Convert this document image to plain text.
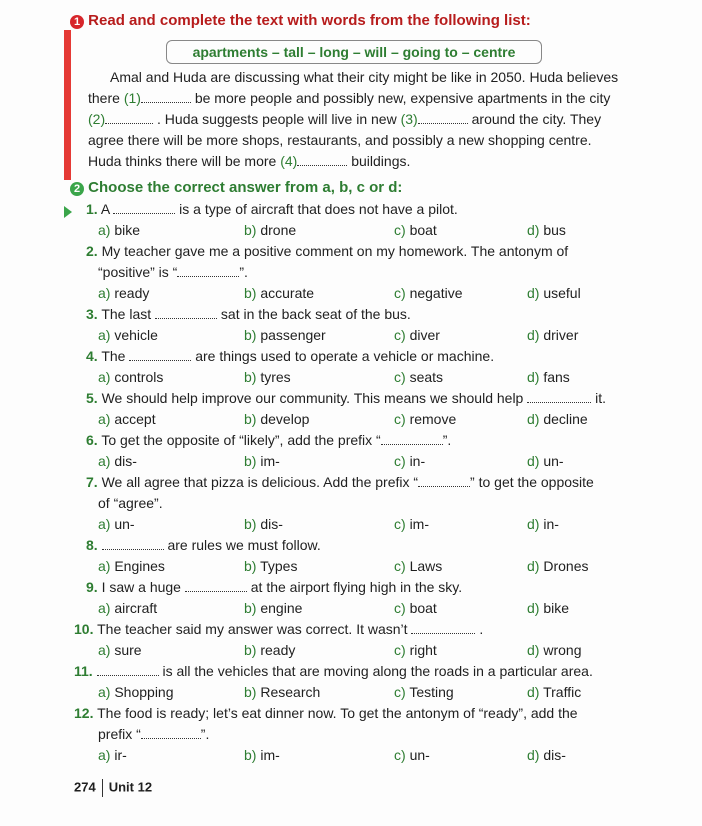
1 Read and complete the text with words from the following list:
apartments – tall – long – will – going to – centre
Amal and Huda are discussing what their city might be like in 2050. Huda believes
there (1)	be more people and possibly new, expensive apartments in the city
(2)	. Huda suggests people will live in new (3)	around the city. They
agree there will be more shops, restaurants, and possibly a new shopping centre.
Huda thinks there will be more (4)	buildings.
2 Choose the correct answer from a, b, c or d:
1. A	is a type of aircraft that does not have a pilot.
a) bike	b) drone	c) boat	d) bus
2. My teacher gave me a positive comment on my homework. The antonym of
“positive” is “	”.
a) ready	b) accurate	c) negative	d) useful
3. The last	sat in the back seat of the bus.
a) vehicle	b) passenger	c) diver	d) driver
4. The	are things used to operate a vehicle or machine.
a) controls	b) tyres	c) seats	d) fans
5. We should help improve our community. This means we should help	it.
a) accept	b) develop	c) remove	d) decline
6. To get the opposite of “likely”, add the prefix “	”.
a) dis-	b) im-	c) in-	d) un-
7. We all agree that pizza is delicious. Add the prefix “	” to get the opposite
of “agree”.
a) un-	b) dis-	c) im-	d) in-
8.	are rules we must follow.
a) Engines	b) Types	c) Laws	d) Drones
9. I saw a huge	at the airport flying high in the sky.
a) aircraft	b) engine	c) boat	d) bike
10. The teacher said my answer was correct. It wasn’t	.
a) sure	b) ready	c) right	d) wrong
11.	is all the vehicles that are moving along the roads in a particular area.
a) Shopping	b) Research	c) Testing	d) Traffic
12. The food is ready; let’s eat dinner now. To get the antonym of “ready”, add the
prefix “	”.
a) ir-	b) im-	c) un-	d) dis-
274 Unit 12
